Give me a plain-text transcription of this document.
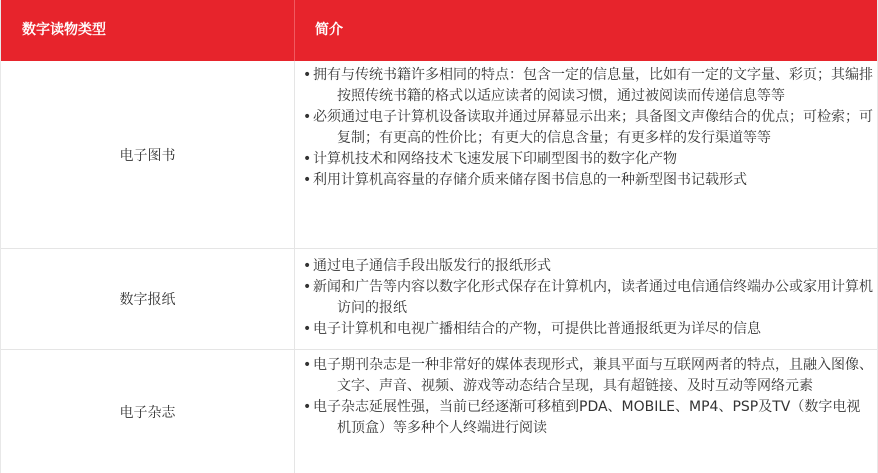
数字读物类型	简介
电子图书
• 拥有与传统书籍许多相同的特点：包含一定的信息量，比如有一定的文字量、彩页；其编排按照传统书籍的格式以适应读者的阅读习惯，通过被阅读而传递信息等等
• 必须通过电子计算机设备读取并通过屏幕显示出来；具备图文声像结合的优点；可检索；可复制；有更高的性价比；有更大的信息含量；有更多样的发行渠道等等
• 计算机技术和网络技术飞速发展下印刷型图书的数字化产物
• 利用计算机高容量的存储介质来储存图书信息的一种新型图书记载形式
数字报纸
• 通过电子通信手段出版发行的报纸形式
• 新闻和广告等内容以数字化形式保存在计算机内，读者通过电信通信终端办公或家用计算机访问的报纸
• 电子计算机和电视广播相结合的产物，可提供比普通报纸更为详尽的信息
电子杂志
• 电子期刊杂志是一种非常好的媒体表现形式，兼具平面与互联网两者的特点，且融入图像、文字、声音、视频、游戏等动态结合呈现，具有超链接、及时互动等网络元素
• 电子杂志延展性强，当前已经逐渐可移植到PDA、MOBILE、MP4、PSP及TV（数字电视机顶盒）等多种个人终端进行阅读
